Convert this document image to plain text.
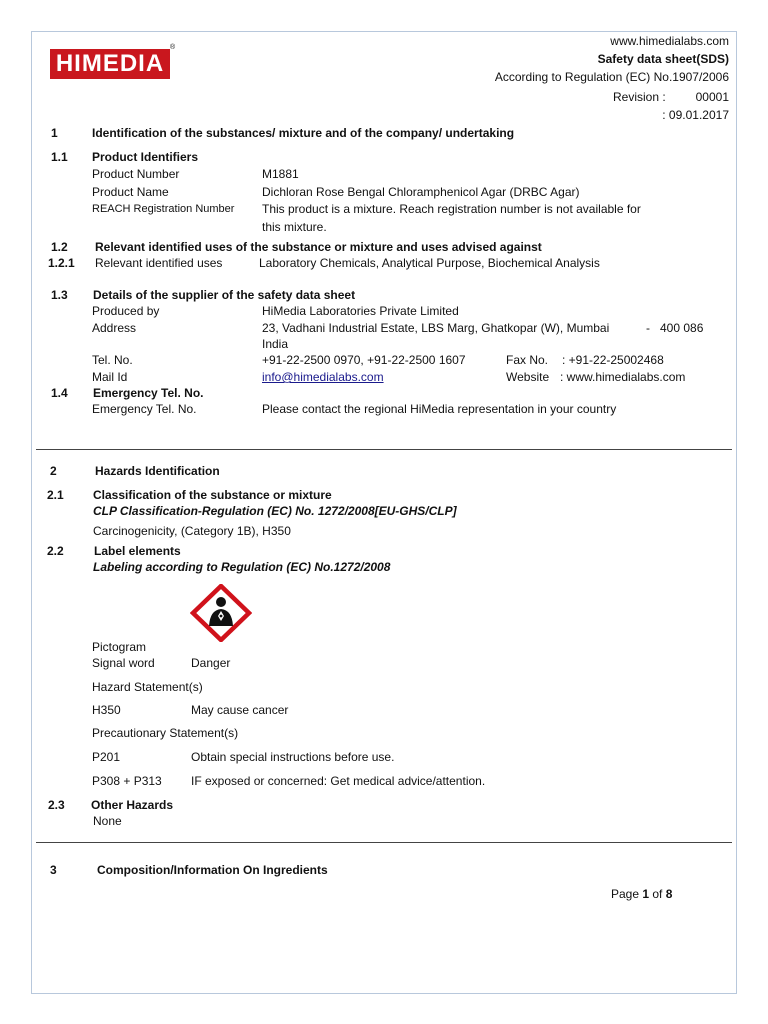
HIMEDIA
®	www.himedialabs.com
Safety data sheet(SDS)
According to Regulation (EC) No.1907/2006
Revision : 00001
: 09.01.2017
1	Identification of the substances/ mixture and of the company/ undertaking
1.1 Product Identifiers
Product Number	M1881
Product Name	Dichloran Rose Bengal Chloramphenicol Agar (DRBC Agar)
REACH Registration Number This product is a mixture. Reach registration number is not available for
this mixture.
1.2 Relevant identified uses of the substance or mixture and uses advised against
1.2.1 Relevant identified uses	Laboratory Chemicals, Analytical Purpose, Biochemical Analysis
1.3 Details of the supplier of the safety data sheet
Produced by	HiMedia Laboratories Private Limited
Address	23, Vadhani Industrial Estate, LBS Marg, Ghatkopar (W), Mumbai	- 400 086
India
Tel. No.	+91-22-2500 0970, +91-22-2500 1607	Fax No. : +91-22-25002468
Mail Id	info@himedialabs.com	Website : www.himedialabs.com
1.4 Emergency Tel. No.
Emergency Tel. No.	Please contact the regional HiMedia representation in your country
2	Hazards Identification
2.1 Classification of the substance or mixture
CLP Classification-Regulation (EC) No. 1272/2008[EU-GHS/CLP]
Carcinogenicity, (Category 1B), H350
2.2	Label elements
Labeling according to Regulation (EC) No.1272/2008
Pictogram
Signal word	Danger
Hazard Statement(s)
H350	May cause cancer
Precautionary Statement(s)
P201	Obtain special instructions before use.
P308 + P313 IF exposed or concerned: Get medical advice/attention.
2.3 Other Hazards
None
3	Composition/Information On Ingredients
Page 1 of 8
